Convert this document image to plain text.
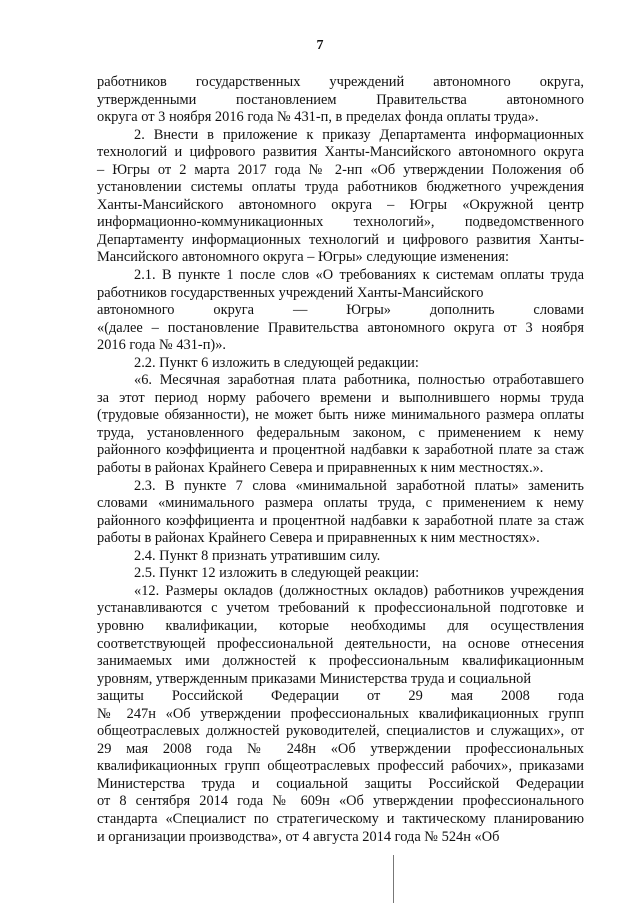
7

работников государственных учреждений автономного округа,
утвержденными постановлением Правительства автономного
округа от 3 ноября 2016 года № 431-п, в пределах фонда оплаты труда».

2. Внести в приложение к приказу Департамента информационных
технологий и цифрового развития Ханты-Мансийского автономного округа
– Югры от 2 марта 2017 года № 2-нп «Об утверждении Положения об
установлении системы оплаты труда работников бюджетного учреждения
Ханты-Мансийского автономного округа – Югры «Окружной центр
информационно-коммуникационных технологий», подведомственного
Департаменту информационных технологий и цифрового развития Ханты-
Мансийского автономного округа – Югры» следующие изменения:

2.1. В пункте 1 после слов «О требованиях к системам оплаты труда
работников государственных учреждений Ханты-Мансийского
автономного округа — Югры» дополнить словами
«(далее – постановление Правительства автономного округа от 3 ноября
2016 года № 431-п)».

2.2. Пункт 6 изложить в следующей редакции:

«6. Месячная заработная плата работника, полностью отработавшего
за этот период норму рабочего времени и выполнившего нормы труда
(трудовые обязанности), не может быть ниже минимального размера оплаты
труда, установленного федеральным законом, с применением к нему
районного коэффициента и процентной надбавки к заработной плате за стаж
работы в районах Крайнего Севера и приравненных к ним местностях.».

2.3. В пункте 7 слова «минимальной заработной платы» заменить
словами «минимального размера оплаты труда, с применением к нему
районного коэффициента и процентной надбавки к заработной плате за стаж
работы в районах Крайнего Севера и приравненных к ним местностях».

2.4. Пункт 8 признать утратившим силу.

2.5. Пункт 12 изложить в следующей реакции:

«12. Размеры окладов (должностных окладов) работников учреждения
устанавливаются с учетом требований к профессиональной подготовке и
уровню квалификации, которые необходимы для осуществления
соответствующей профессиональной деятельности, на основе отнесения
занимаемых ими должностей к профессиональным квалификационным
уровням, утвержденным приказами Министерства труда и социальной
защиты Российской Федерации от 29 мая 2008 года
№ 247н «Об утверждении профессиональных квалификационных групп
общеотраслевых должностей руководителей, специалистов и служащих», от
29 мая 2008 года № 248н «Об утверждении профессиональных
квалификационных групп общеотраслевых профессий рабочих», приказами
Министерства труда и социальной защиты Российской Федерации
от 8 сентября 2014 года № 609н «Об утверждении профессионального
стандарта «Специалист по стратегическому и тактическому планированию
и организации производства», от 4 августа 2014 года № 524н «Об
